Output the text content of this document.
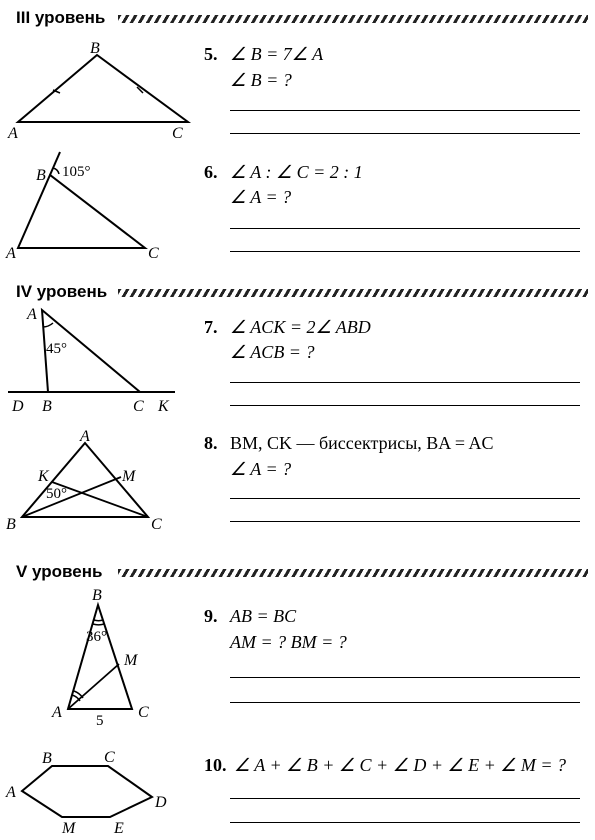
III уровень
B
A	C
5. ∠ B = 7∠ A
∠ B = ?
B 105°
A	C
6. ∠ A : ∠ C = 2 : 1
∠ A = ?
IV уровень
A
45°
D B	C K
7. ∠ ACK = 2∠ ABD
∠ ACB = ?
A
K	M
50°
B	C
8. BM, CK — биссектрисы, BA = AC
∠ A = ?
V уровень
B
36°
M
A	C
5
9. AB = BC
AM = ? BM = ?
B	C
A
D
M E
10. ∠ A + ∠ B + ∠ C + ∠ D + ∠ E + ∠ M = ?
